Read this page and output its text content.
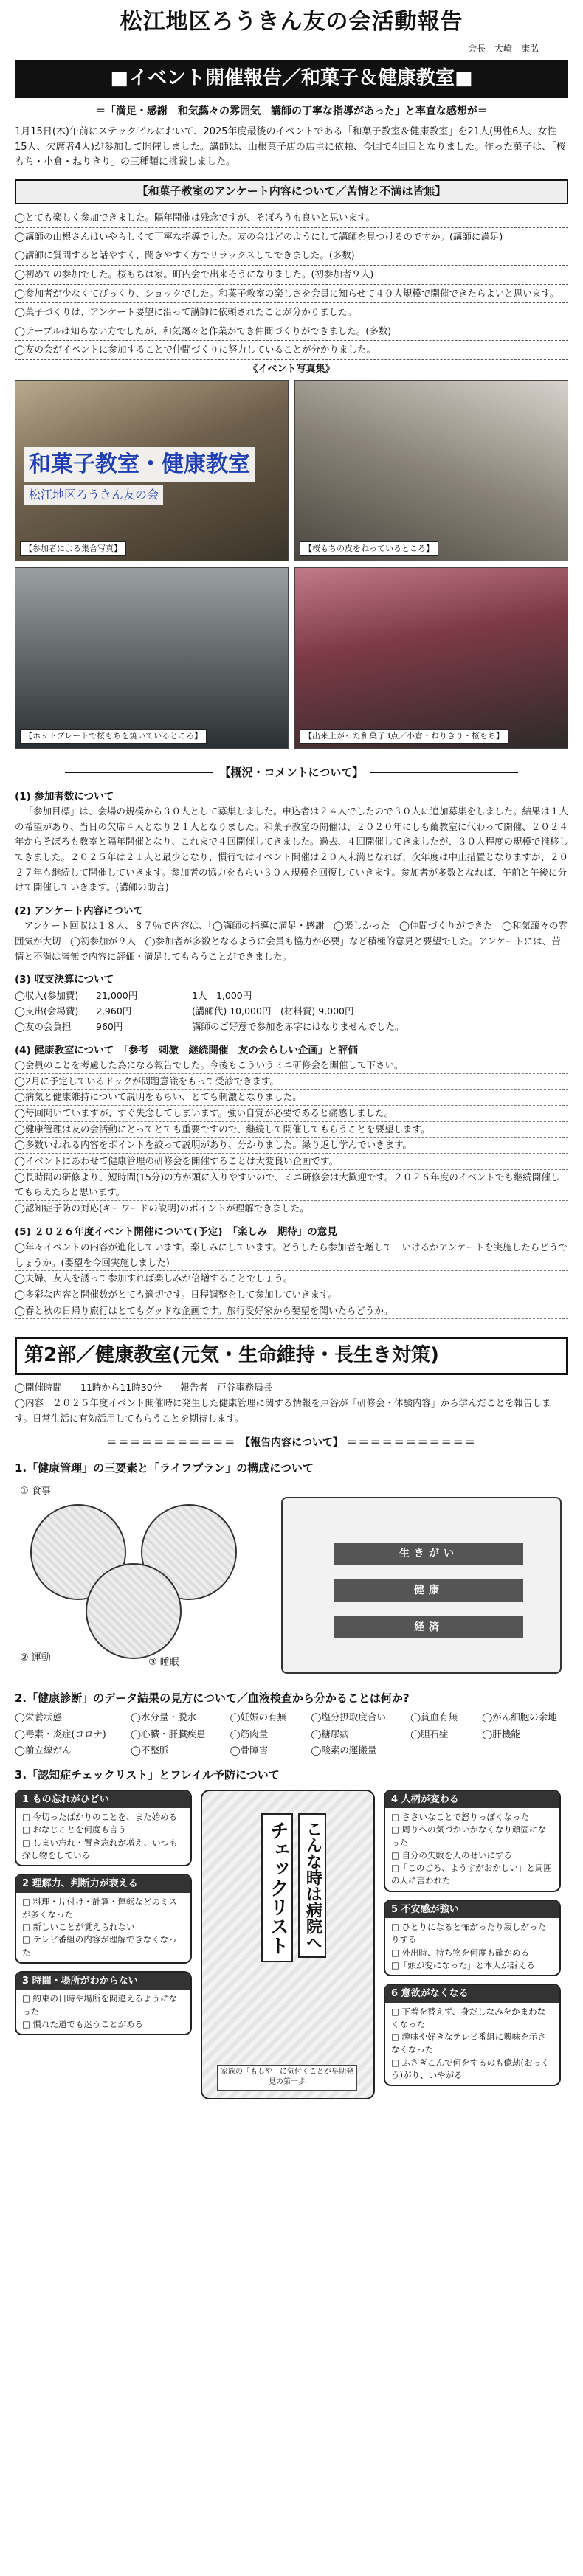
松江地区ろうきん友の会活動報告
会長　大崎　康弘
■イベント開催報告／和菓子＆健康教室■
＝「満足・感謝　和気藹々の雰囲気　講師の丁寧な指導があった」と率直な感想が＝

1月15日(木)午前にステックビルにおいて、2025年度最後のイベントである「和菓子教室＆健康教室」を21人(男性6人、女性15人、欠席者4人)が参加して開催しました。講師は、山根菓子店の店主に依頼、今回で4回目となりました。作った菓子は、「桜もち・小倉・ねりきり」の三種類に挑戦しました。

【和菓子教室のアンケート内容について／苦情と不満は皆無】
◯とても楽しく参加できました。隔年開催は残念ですが、そぼろうも良いと思います。
◯講師の山根さんはいやらしくて丁寧な指導でした。友の会はどのようにして講師を見つけるのですか。(講師に満足)
◯講師に質問すると話やすく、聞きやすく方でリラックスしてできました。(多数)
◯初めての参加でした。桜もちは家。町内会で出来そうになりました。(初参加者９人)
◯参加者が少なくてびっくり、ショックでした。和菓子教室の楽しさを会員に知らせて４０人規模で開催できたらよいと思います。
◯菓子づくりは、アンケート要望に沿って講師に依頼されたことが分かりました。
◯テーブルは知らない方でしたが、和気藹々と作業ができ仲間づくりができました。(多数)
◯友の会がイベントに参加することで仲間づくりに努力していることが分かりました。
《イベント写真集》
和菓子教室・健康教室
松江地区ろうきん友の会
【参加者による集合写真】	【桜もちの皮をねっているところ】
【ホットプレートで桜もちを焼いているところ】	【出来上がった和菓子3点／小倉・ねりきり・桜もち】
【概況・コメントについて】
(1) 参加者数について

「参加目標」は、会場の規模から３０人として募集しました。申込者は２４人でしたので３０人に追加募集をしました。結果は１人の希望があり、当日の欠席４人となり２１人となりました。和菓子教室の開催は、２０２０年にしも繭教室に代わって開催、２０２４年からそぼろも教室と隔年開催となり、これまで４回開催してきました。過去、４回開催してきましたが、３０人程度の規模で推移してきました。２０２５年は２１人と最少となり、慣行ではイベント開催は２０人未満となれば、次年度は中止措置となりますが、２０２７年も継続して開催していきます。参加者の協力をもらい３０人規模を回復していきます。参加者が多数となれば、午前と午後に分けて開催していきます。(講師の助言)

(2) アンケート内容について

アンケート回収は１８人、８７％で内容は、「◯講師の指導に満足・感謝　◯楽しかった　◯仲間づくりができた　◯和気藹々の雰囲気が大切　◯初参加が９人　◯参加者が多数となるように会員も協力が必要」など積極的意見と要望でした。アンケートには、苦情と不満は皆無で内容に評価・満足してもらうことができました。

(3) 収支決算について
◯収入(参加費)	21,000円	1人　1,000円
◯支出(会場費)	2,960円	(講師代) 10,000円　(材料費) 9,000円
◯友の会負担	960円	講師のご好意で参加を赤字にはなりませんでした。
(4) 健康教室について　「参考　刺激　継続開催　友の会らしい企画」と評価
◯会員のことを考慮した為になる報告でした。今後もこういうミニ研修会を開催して下さい。
◯2月に予定しているドックが問題意識をもって受診できます。
◯病気と健康維持について説明をもらい、とても刺激となりました。
◯毎回聞いていますが、すぐ失念してしまいます。強い自覚が必要であると痛感しました。
◯健康管理は友の会活動にとってとても重要ですので、継続して開催してもらうことを要望します。
◯多数いわれる内容をポイントを絞って説明があり、分かりました。緑り返し学んでいきます。
◯イベントにあわせて健康管理の研修会を開催することは大変良い企画です。
◯長時間の研修より、短時間(15分)の方が頭に入りやすいので、ミニ研修会は大歓迎です。２０２６年度のイベントでも継続開催してもらえたらと思います。
◯認知症予防の対応(キーワードの説明)のポイントが理解できました。
(5) ２０２６年度イベント開催について(予定)　「楽しみ　期待」の意見
◯年々イベントの内容が進化しています。楽しみにしています。どうしたら参加者を増して　いけるかアンケートを実施したらどうでしょうか。(要望を今回実施しました)
◯夫婦、友人を誘って参加すれば楽しみが倍増することでしょう。
◯多彩な内容と開催数がとても適切です。日程調整をして参加していきます。
◯春と秋の日帰り旅行はとてもグッドな企画です。旅行受好家から要望を聞いたらどうか。
第2部／健康教室(元気・生命維持・長生き対策)
◯開催時間　　11時から11時30分　　報告者　戸谷事務局長
◯内容　２０２５年度イベント開催時に発生した健康管理に関する情報を戸谷が「研修会・体験内容」から学んだことを報告します。日常生活に有効活用してもらうことを期待します。
＝＝＝＝＝＝＝＝＝＝＝ 【報告内容について】 ＝＝＝＝＝＝＝＝＝＝＝
1.「健康管理」の三要素と「ライフプラン」の構成について
① 食事
② 運動	③ 睡眠
生きがい
健康
経済
2.「健康診断」のデータ結果の見方について／血液検査から分かることは何か?
◯栄養状態	◯水分量・脱水	◯妊娠の有無	◯塩分摂取度合い	◯貧血有無	◯がん細胞の余地
◯毒素・炎症(コロナ)	◯心臓・肝臓疾患	◯筋肉量	◯糖尿病	◯胆石症	◯肝機能
◯前立線がん	◯不整脈	◯骨障害	◯酸素の運搬量
3.「認知症チェックリスト」とフレイル予防について
1 もの忘れがひどい
□ 今切ったばかりのことを、また始める
□ おなじことを何度も言う
□ しまい忘れ・置き忘れが増え、いつも探し物をしている
2 理解力、判断力が衰える
□ 料理・片付け・計算・運転などのミスが多くなった
□ 新しいことが覚えられない
□ テレビ番組の内容が理解できなくなった
3 時間・場所がわからない
□ 約束の日時や場所を間違えるようになった
□ 慣れた道でも迷うことがある
チェックリスト こんな時は病院へ
家族の「もしや」に気付くことが早期発見の第一歩
4 人柄が変わる
□ ささいなことで怒りっぽくなった
□ 周りへの気づかいがなくなり頑固になった
□ 自分の失敗を人のせいにする
□「このごろ、ようすがおかしい」と周囲の人に言われた
5 不安感が強い
□ ひとりになると怖がったり寂しがったりする
□ 外出時、持ち物を何度も確かめる
□「頭が変になった」と本人が訴える
6 意欲がなくなる
□ 下着を替えず、身だしなみをかまわなくなった
□ 趣味や好きなテレビ番組に興味を示さなくなった
□ ふさぎこんで何をするのも億劫(おっくう)がり、いやがる
